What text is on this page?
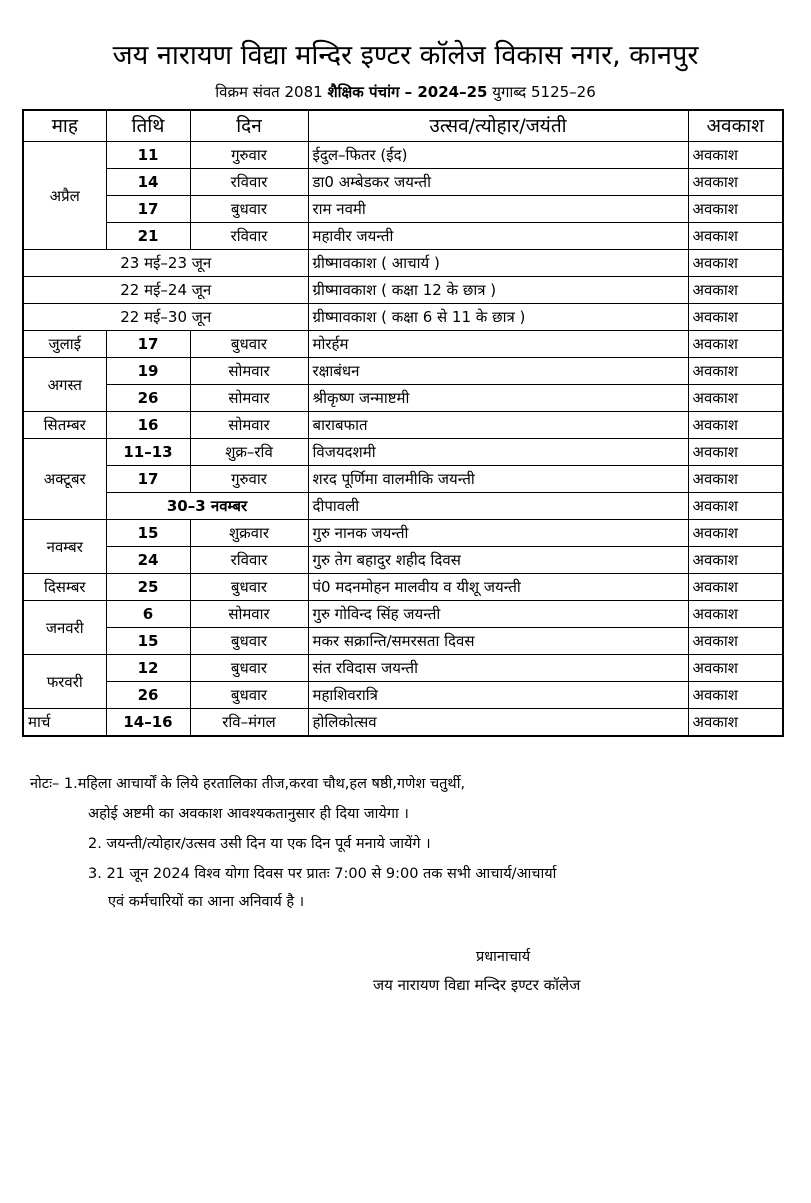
जय नारायण विद्या मन्दिर इण्टर कॉलेज विकास नगर, कानपुर
विक्रम संवत 2081 शैक्षिक पंचांग – 2024–25 युगाब्द 5125–26
माह	तिथि	दिन	उत्सव/त्योहार/जयंती	अवकाश
अप्रैल	11	गुरुवार	ईदुल–फितर (ईद)	अवकाश
	14	रविवार	डा0 अम्बेडकर जयन्ती	अवकाश
	17	बुधवार	राम नवमी	अवकाश
	21	रविवार	महावीर जयन्ती	अवकाश
23 मई–23 जून			ग्रीष्मावकाश ( आचार्य )	अवकाश
22 मई–24 जून			ग्रीष्मावकाश ( कक्षा 12 के छात्र )	अवकाश
22 मई–30 जून			ग्रीष्मावकाश ( कक्षा 6 से 11 के छात्र )	अवकाश
जुलाई	17	बुधवार	मोरर्हम	अवकाश
अगस्त	19	सोमवार	रक्षाबंधन	अवकाश
	26	सोमवार	श्रीकृष्ण जन्माष्टमी	अवकाश
सितम्बर	16	सोमवार	बाराबफात	अवकाश
अक्टूबर	11–13	शुक्र–रवि	विजयदशमी	अवकाश
	17	गुरुवार	शरद पूर्णिमा वालमीकि जयन्ती	अवकाश
	30–3 नवम्बर		दीपावली	अवकाश
नवम्बर	15	शुक्रवार	गुरु नानक जयन्ती	अवकाश
	24	रविवार	गुरु तेग बहादुर शहीद दिवस	अवकाश
दिसम्बर	25	बुधवार	पं0 मदनमोहन मालवीय व यीशू जयन्ती	अवकाश
जनवरी	6	सोमवार	गुरु गोविन्द सिंह जयन्ती	अवकाश
	15	बुधवार	मकर सक्रान्ति/समरसता दिवस	अवकाश
फरवरी	12	बुधवार	संत रविदास जयन्ती	अवकाश
	26	बुधवार	महाशिवरात्रि	अवकाश
मार्च	14–16	रवि–मंगल	होलिकोत्सव	अवकाश
नोटः– 1.महिला आचार्यों के लिये हरतालिका तीज,करवा चौथ,हल षष्ठी,गणेश चतुर्थी,
अहोई अष्टमी का अवकाश आवश्यकतानुसार ही दिया जायेगा ।
2. जयन्ती/त्योहार/उत्सव उसी दिन या एक दिन पूर्व मनाये जायेंगे ।
3. 21 जून 2024 विश्व योगा दिवस पर प्रातः 7:00 से 9:00 तक सभी आचार्य/आचार्या
एवं कर्मचारियों का आना अनिवार्य है ।
प्रधानाचार्य
जय नारायण विद्या मन्दिर इण्टर कॉलेज
